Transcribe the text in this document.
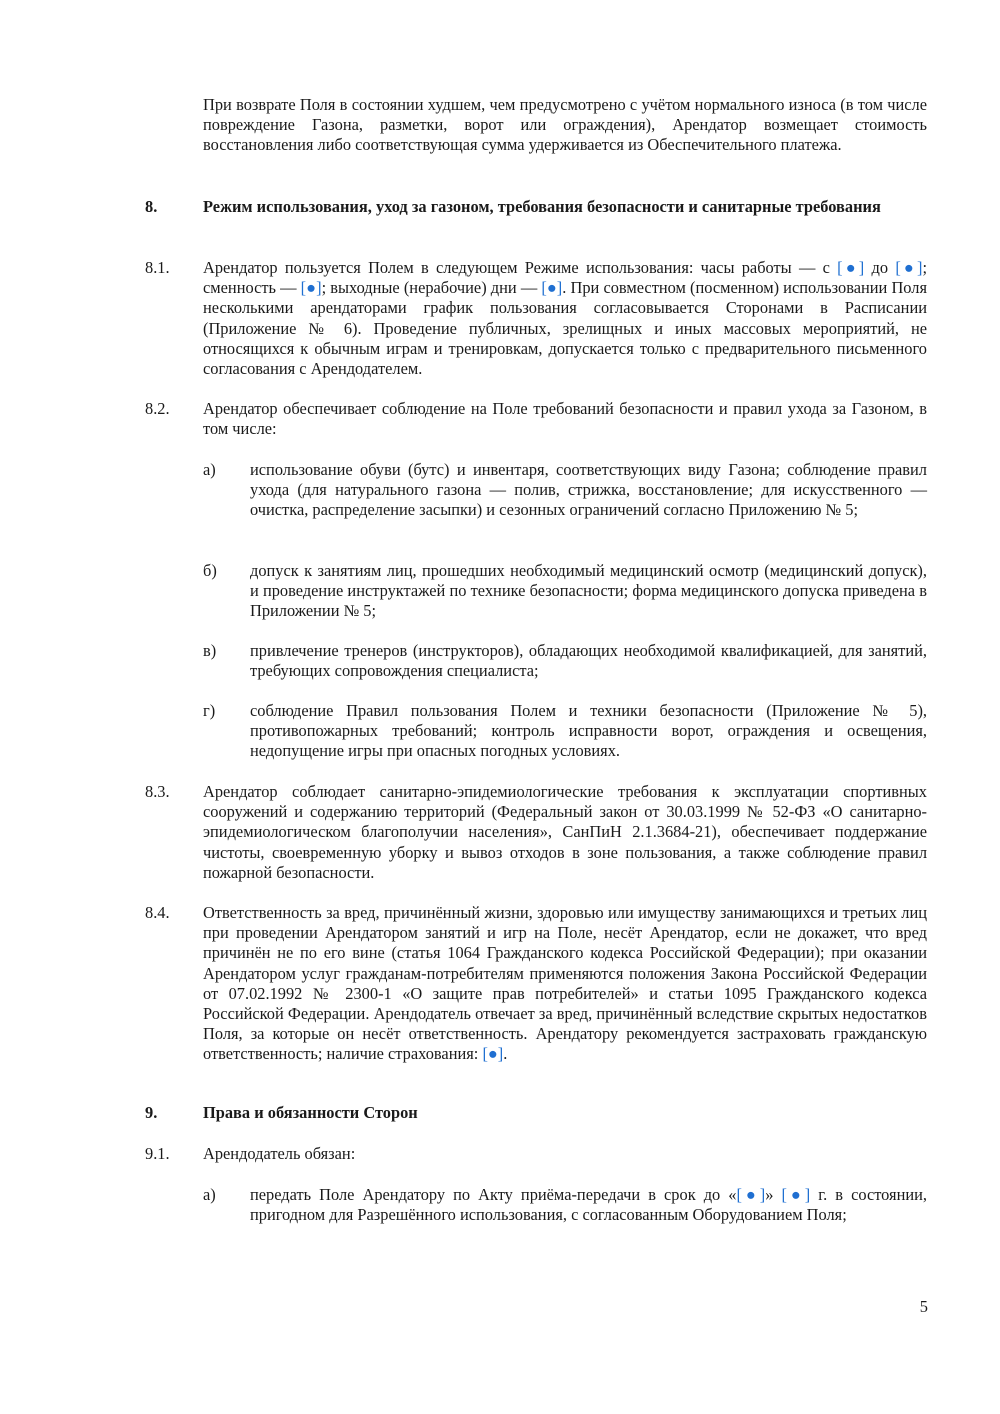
При возврате Поля в состоянии худшем, чем предусмотрено с учётом нормального износа (в том числе повреждение Газона, разметки, ворот или ограждения), Арендатор возмещает стоимость восстановления либо соответствующая сумма удерживается из Обеспечительного платежа.
8.	Режим использования, уход за газоном, требования безопасности и санитарные требования
8.1. Арендатор пользуется Полем в следующем Режиме использования: часы работы — с [●] до [●]; сменность — [●]; выходные (нерабочие) дни — [●]. При совместном (посменном) использовании Поля несколькими арендаторами график пользования согласовывается Сторонами в Расписании (Приложение № 6). Проведение публичных, зрелищных и иных массовых мероприятий, не относящихся к обычным играм и тренировкам, допускается только с предварительного письменного согласования с Арендодателем.
8.2. Арендатор обеспечивает соблюдение на Поле требований безопасности и правил ухода за Газоном, в том числе:
а) использование обуви (бутс) и инвентаря, соответствующих виду Газона; соблюдение правил ухода (для натурального газона — полив, стрижка, восстановление; для искусственного — очистка, распределение засыпки) и сезонных ограничений согласно Приложению № 5;
б) допуск к занятиям лиц, прошедших необходимый медицинский осмотр (медицинский допуск), и проведение инструктажей по технике безопасности; форма медицинского допуска приведена в Приложении № 5;
в) привлечение тренеров (инструкторов), обладающих необходимой квалификацией, для занятий, требующих сопровождения специалиста;
г) соблюдение Правил пользования Полем и техники безопасности (Приложение № 5), противопожарных требований; контроль исправности ворот, ограждения и освещения, недопущение игры при опасных погодных условиях.
8.3. Арендатор соблюдает санитарно-эпидемиологические требования к эксплуатации спортивных сооружений и содержанию территорий (Федеральный закон от 30.03.1999 № 52-ФЗ «О санитарно-эпидемиологическом благополучии населения», СанПиН 2.1.3684-21), обеспечивает поддержание чистоты, своевременную уборку и вывоз отходов в зоне пользования, а также соблюдение правил пожарной безопасности.
8.4. Ответственность за вред, причинённый жизни, здоровью или имуществу занимающихся и третьих лиц при проведении Арендатором занятий и игр на Поле, несёт Арендатор, если не докажет, что вред причинён не по его вине (статья 1064 Гражданского кодекса Российской Федерации); при оказании Арендатором услуг гражданам-потребителям применяются положения Закона Российской Федерации от 07.02.1992 № 2300-1 «О защите прав потребителей» и статьи 1095 Гражданского кодекса Российской Федерации. Арендодатель отвечает за вред, причинённый вследствие скрытых недостатков Поля, за которые он несёт ответственность. Арендатору рекомендуется застраховать гражданскую ответственность; наличие страхования: [●].
9.	Права и обязанности Сторон
9.1. Арендодатель обязан:
а) передать Поле Арендатору по Акту приёма-передачи в срок до «[●]» [●] г. в состоянии, пригодном для Разрешённого использования, с согласованным Оборудованием Поля;
5
